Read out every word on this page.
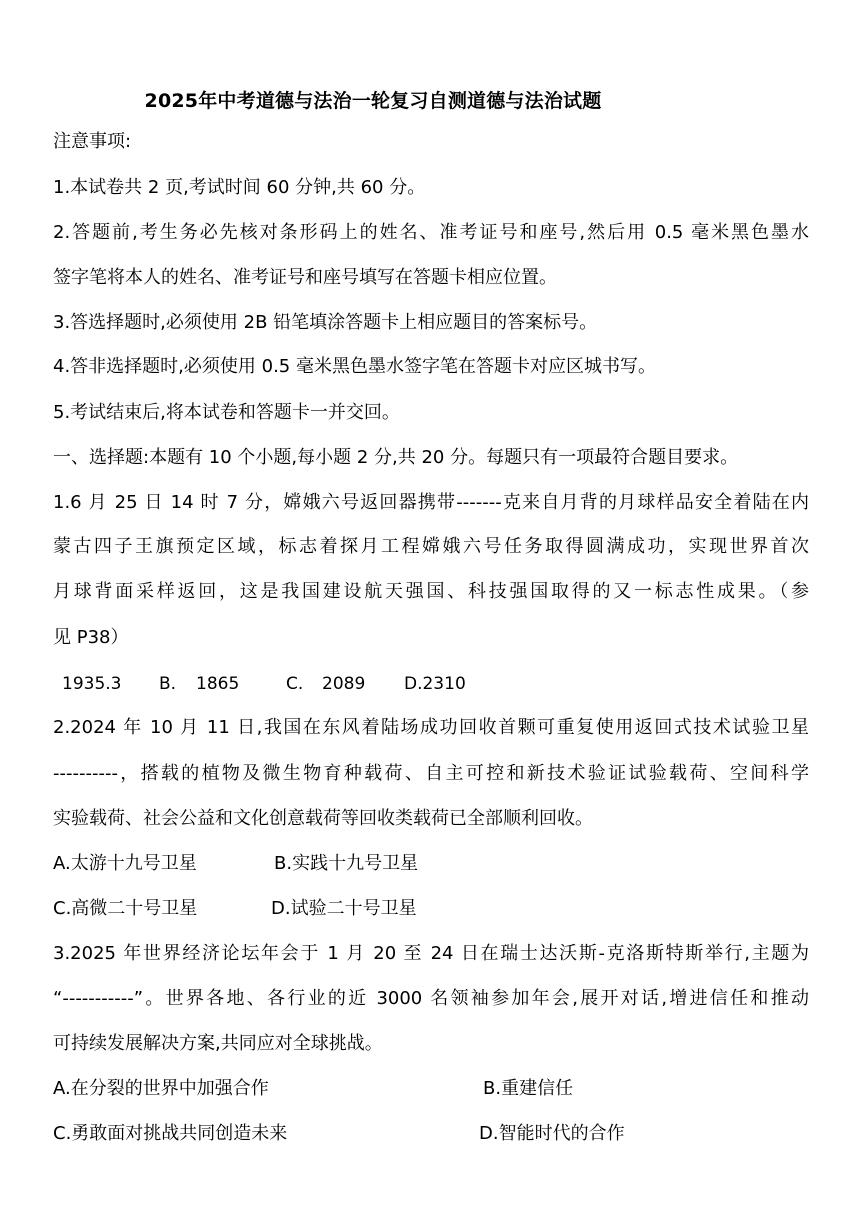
2025年中考道德与法治一轮复习自测道德与法治试题
注意事项:
1.本试卷共 2 页,考试时间 60 分钟,共 60 分。
2.答题前,考生务必先核对条形码上的姓名、准考证号和座号,然后用 0.5 毫米黑色墨水
签字笔将本人的姓名、准考证号和座号填写在答题卡相应位置。
3.答选择题时,必须使用 2B 铅笔填涂答题卡上相应题目的答案标号。
4.答非选择题时,必须使用 0.5 毫米黑色墨水签字笔在答题卡对应区城书写。
5.考试结束后,将本试卷和答题卡一并交回。
一、选择题:本题有 10 个小题,每小题 2 分,共 20 分。每题只有一项最符合题目要求。
1.6 月 25 日 14 时 7 分，嫦娥六号返回器携带-------克来自月背的月球样品安全着陆在内
蒙古四子王旗预定区域，标志着探月工程嫦娥六号任务取得圆满成功，实现世界首次
月球背面采样返回，这是我国建设航天强国、科技强国取得的又一标志性成果。（参
见 P38）
1935.3 B. 1865	C. 2089 D.2310
2.2024 年 10 月 11 日,我国在东风着陆场成功回收首颗可重复使用返回式技术试验卫星
----------，搭载的植物及微生物育种载荷、自主可控和新技术验证试验载荷、空间科学
实验载荷、社会公益和文化创意载荷等回收类载荷已全部顺利回收。
A.太游十九号卫星	B.实践十九号卫星
C.高微二十号卫星	D.试验二十号卫星
3.2025 年世界经济论坛年会于 1 月 20 至 24 日在瑞士达沃斯-克洛斯特斯举行,主题为
“-----------”。世界各地、各行业的近 3000 名领袖参加年会,展开对话,增进信任和推动
可持续发展解决方案,共同应对全球挑战。
A.在分裂的世界中加强合作	B.重建信任
C.勇敢面对挑战共同创造未来	D.智能时代的合作
